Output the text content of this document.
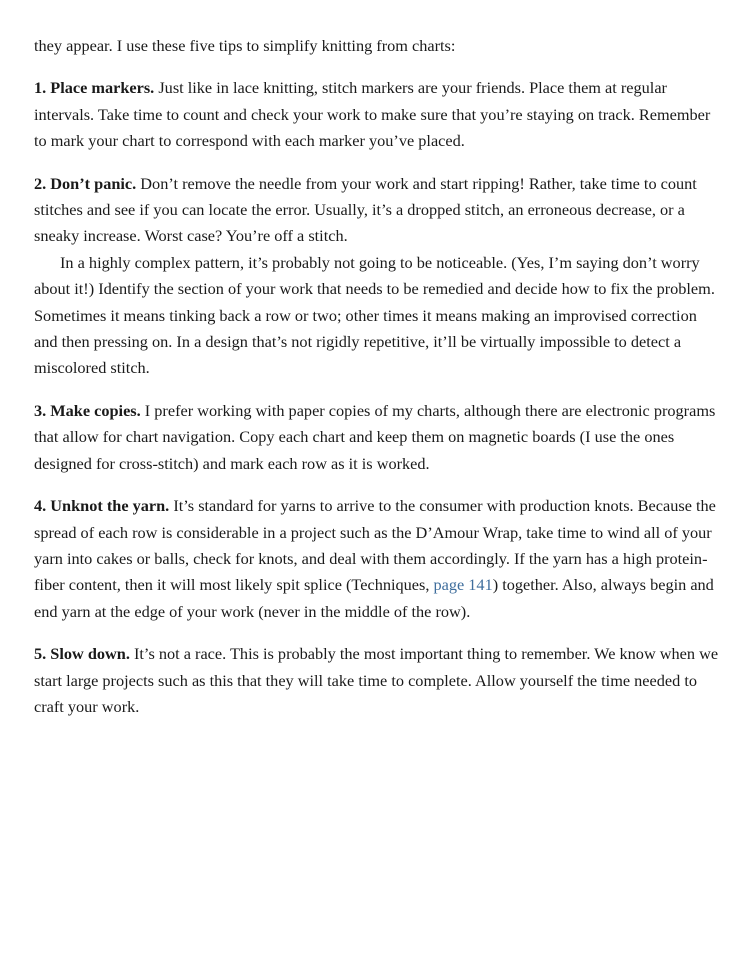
they appear. I use these five tips to simplify knitting from charts:

1. Place markers. Just like in lace knitting, stitch markers are your friends. Place them at regular intervals. Take time to count and check your work to make sure that you’re staying on track. Remember to mark your chart to correspond with each marker you’ve placed.

2. Don’t panic. Don’t remove the needle from your work and start ripping! Rather, take time to count stitches and see if you can locate the error. Usually, it’s a dropped stitch, an erroneous decrease, or a sneaky increase. Worst case? You’re off a stitch.

In a highly complex pattern, it’s probably not going to be noticeable. (Yes, I’m saying don’t worry about it!) Identify the section of your work that needs to be remedied and decide how to fix the problem. Sometimes it means tinking back a row or two; other times it means making an improvised correction and then pressing on. In a design that’s not rigidly repetitive, it’ll be virtually impossible to detect a miscolored stitch.

3. Make copies. I prefer working with paper copies of my charts, although there are electronic programs that allow for chart navigation. Copy each chart and keep them on magnetic boards (I use the ones designed for cross-stitch) and mark each row as it is worked.

4. Unknot the yarn. It’s standard for yarns to arrive to the consumer with production knots. Because the spread of each row is considerable in a project such as the D’Amour Wrap, take time to wind all of your yarn into cakes or balls, check for knots, and deal with them accordingly. If the yarn has a high protein-fiber content, then it will most likely spit splice (Techniques, page 141) together. Also, always begin and end yarn at the edge of your work (never in the middle of the row).

5. Slow down. It’s not a race. This is probably the most important thing to remember. We know when we start large projects such as this that they will take time to complete. Allow yourself the time needed to craft your work.
